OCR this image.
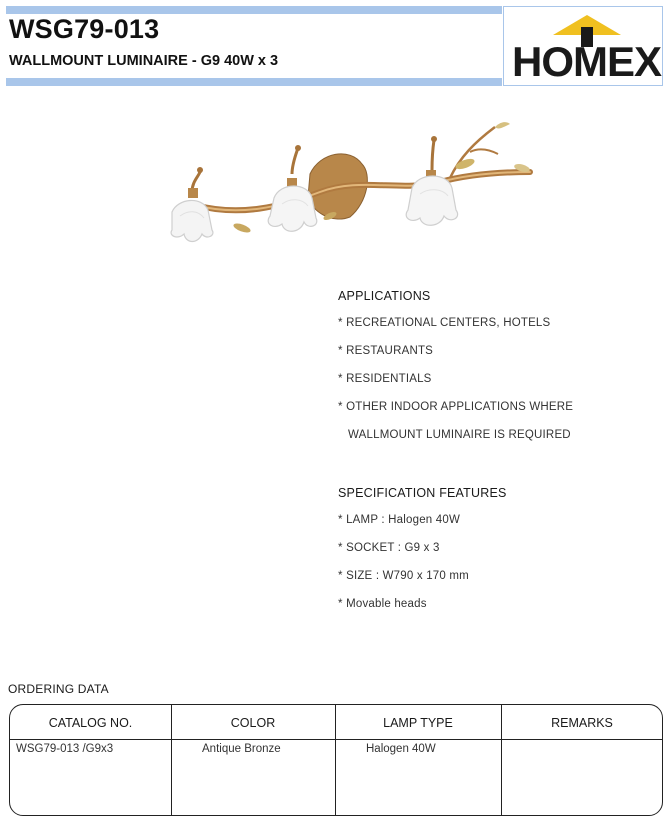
WSG79-013
WALLMOUNT LUMINAIRE - G9 40W x 3	HOMEX
APPLICATIONS
* RECREATIONAL CENTERS, HOTELS
* RESTAURANTS
* RESIDENTIALS
* OTHER INDOOR APPLICATIONS WHERE
WALLMOUNT LUMINAIRE IS REQUIRED
SPECIFICATION FEATURES
* LAMP : Halogen 40W
* SOCKET : G9 x 3
* SIZE : W790 x 170 mm
* Movable heads
ORDERING DATA
CATALOG NO.	COLOR	LAMP TYPE	REMARKS
WSG79-013 /G9x3	Antique Bronze	Halogen 40W
